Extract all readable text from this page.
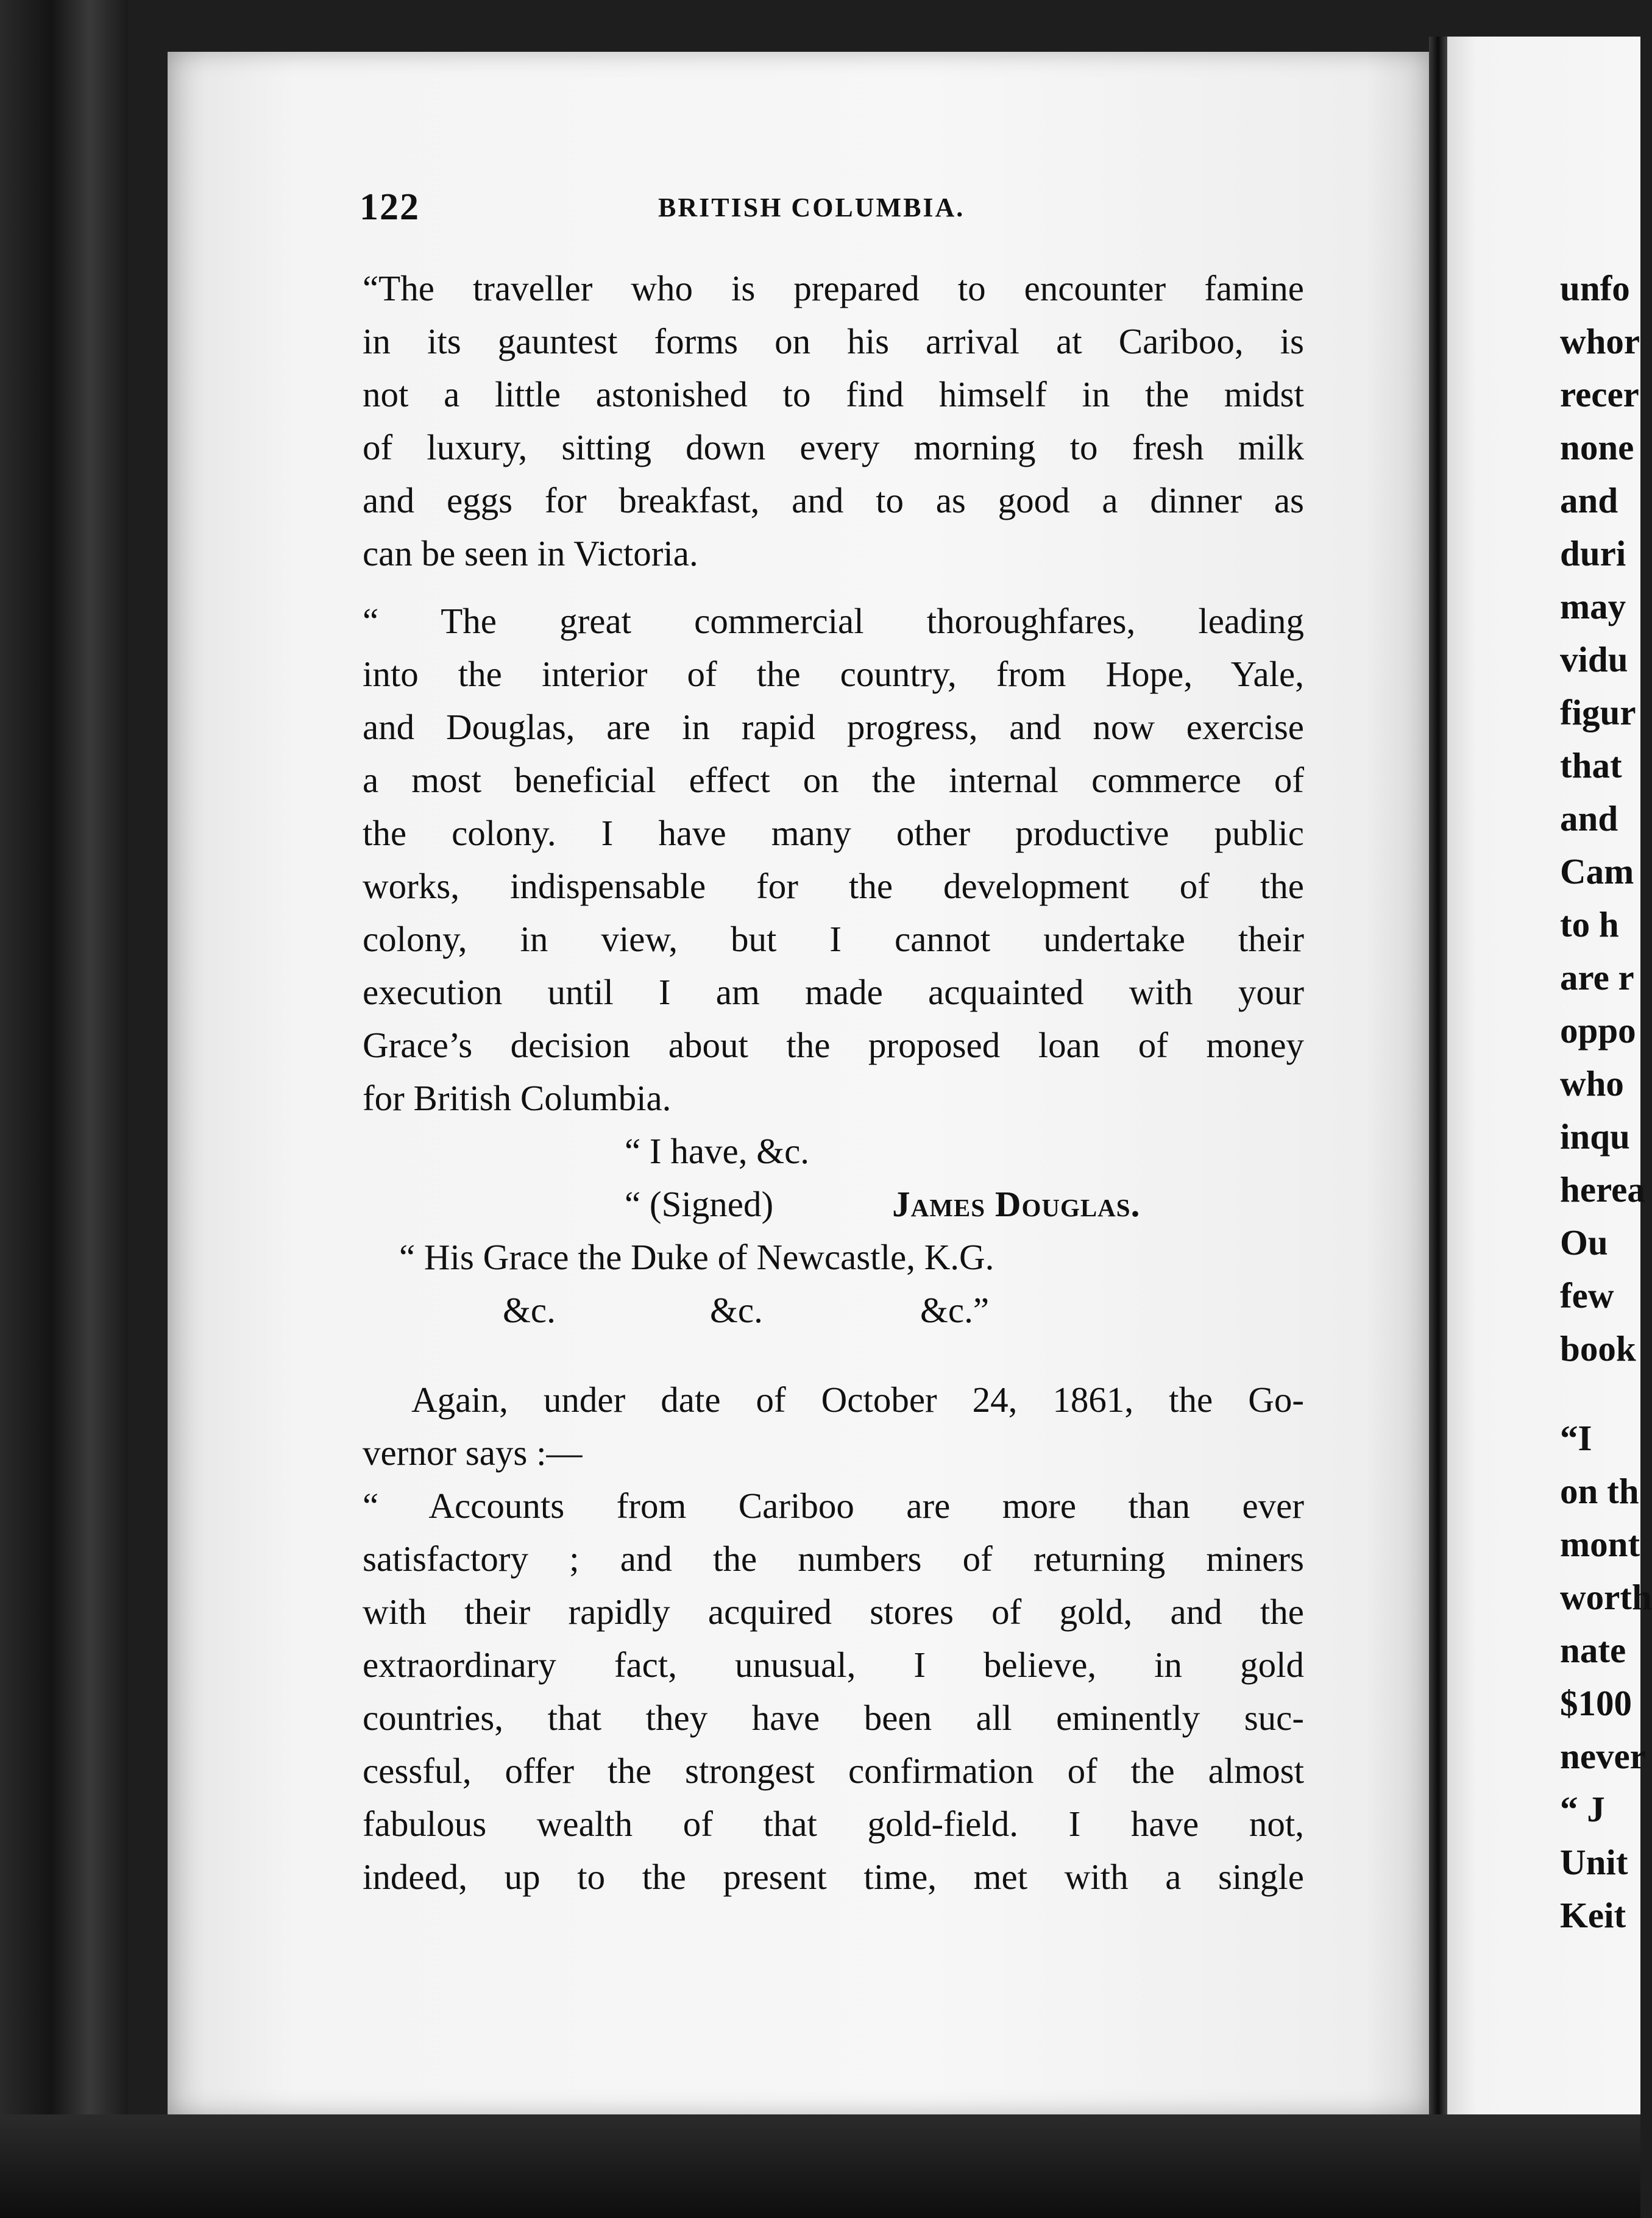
122	BRITISH COLUMBIA.
“The traveller who is prepared to encounter famine
in its gauntest forms on his arrival at Cariboo, is
not a little astonished to find himself in the midst
of luxury, sitting down every morning to fresh milk
and eggs for breakfast, and to as good a dinner as
can be seen in Victoria.
“ The great commercial thoroughfares, leading
into the interior of the country, from Hope, Yale,
and Douglas, are in rapid progress, and now exercise
a most beneficial effect on the internal commerce of
the colony. I have many other productive public
works, indispensable for the development of the
colony, in view, but I cannot undertake their
execution until I am made acquainted with your
Grace’s decision about the proposed loan of money
for British Columbia.
“ I have, &c.
“ (Signed)	James Douglas.
“ His Grace the Duke of Newcastle, K.G.
&c.	&c.	&c.”
Again, under date of October 24, 1861, the Go-
vernor says :—
“ Accounts from Cariboo are more than ever
satisfactory ; and the numbers of returning miners
with their rapidly acquired stores of gold, and the
extraordinary fact, unusual, I believe, in gold
countries, that they have been all eminently suc-
cessful, offer the strongest confirmation of the almost
fabulous wealth of that gold-field. I have not,
indeed, up to the present time, met with a single
unfo
whor
recer
none
and
duri
may
vidu
figur
that
and
Cam
to h
are r
oppo
who
inqu
herea
Ou
few
book
“I
on th
mont
worth
nate
$100
never
“ J
Unit
Keit
